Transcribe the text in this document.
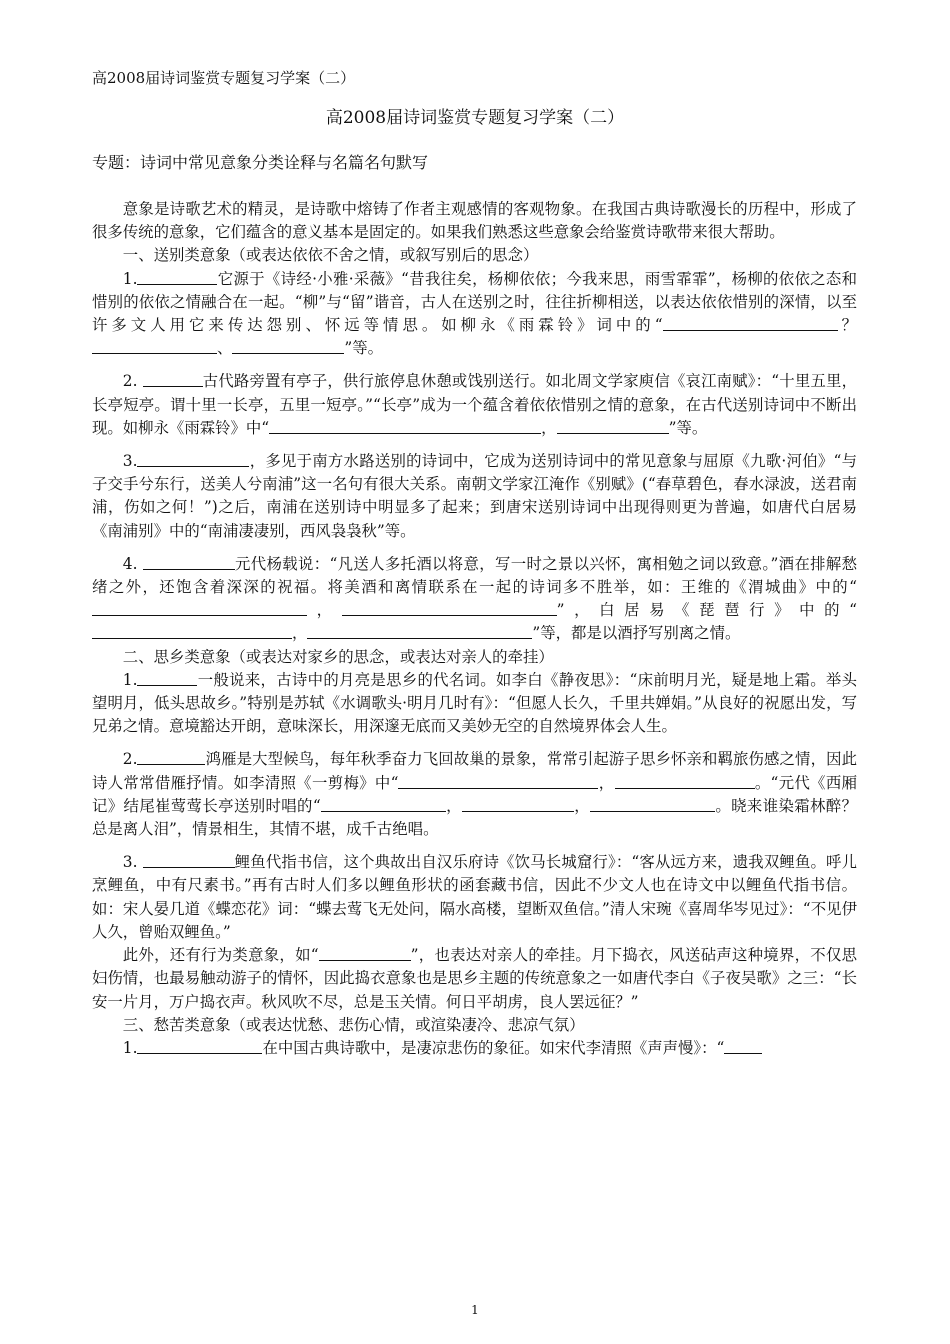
高2008届诗词鉴赏专题复习学案（二）
高2008届诗词鉴赏专题复习学案（二）
专题：诗词中常见意象分类诠释与名篇名句默写

意象是诗歌艺术的精灵，是诗歌中熔铸了作者主观感情的客观物象。在我国古典诗歌漫长的历程中，形成了很多传统的意象，它们蕴含的意义基本是固定的。如果我们熟悉这些意象会给鉴赏诗歌带来很大帮助。

一、送别类意象（或表达依依不舍之情，或叙写别后的思念）

1.	它源于《诗经·小雅·采薇》“昔我往矣，杨柳依依；今我来思，雨雪霏霏”，杨柳的依依之态和惜别的依依之情融合在一起。“柳”与“留”谐音，古人在送别之时，往往折柳相送，以表达依依惜别的深情，以至许多文人用它来传达怨别、怀远等情思。如柳永《雨霖铃》词中的“	？、	”等。

2.	古代路旁置有亭子，供行旅停息休憩或饯别送行。如北周文学家庾信《哀江南赋》：“十里五里，长亭短亭。谓十里一长亭，五里一短亭。”“长亭”成为一个蕴含着依依惜别之情的意象，在古代送别诗词中不断出现。如柳永《雨霖铃》中“	，	”等。

3.	，多见于南方水路送别的诗词中，它成为送别诗词中的常见意象与屈原《九歌·河伯》“与子交手兮东行，送美人兮南浦”这一名句有很大关系。南朝文学家江淹作《别赋》(“春草碧色，春水渌波，送君南浦，伤如之何！”)之后，南浦在送别诗中明显多了起来；到唐宋送别诗词中出现得则更为普遍，如唐代白居易《南浦别》中的“南浦凄凄别，西风袅袅秋”等。

4.	元代杨载说：“凡送人多托酒以将意，写一时之景以兴怀，寓相勉之词以致意。”酒在排解愁绪之外，还饱含着深深的祝福。将美酒和离情联系在一起的诗词多不胜举，如：王维的《渭城曲》中的“，	”，白居易《琵琶行》中的“，	”等，都是以酒抒写别离之情。

二、思乡类意象（或表达对家乡的思念，或表达对亲人的牵挂）

1.	一般说来，古诗中的月亮是思乡的代名词。如李白《静夜思》：“床前明月光，疑是地上霜。举头望明月，低头思故乡。”特别是苏轼《水调歌头·明月几时有》：“但愿人长久，千里共婵娟。”从良好的祝愿出发，写兄弟之情。意境豁达开朗，意味深长，用深邃无底而又美妙无空的自然境界体会人生。

2.	鸿雁是大型候鸟，每年秋季奋力飞回故巢的景象，常常引起游子思乡怀亲和羁旅伤感之情，因此诗人常常借雁抒情。如李清照《一剪梅》中“	，	。“元代《西厢记》结尾崔莺莺长亭送别时唱的“	，	，	。晓来谁染霜林醉？总是离人泪”，情景相生，其情不堪，成千古绝唱。

3.	鲤鱼代指书信，这个典故出自汉乐府诗《饮马长城窟行》：“客从远方来，遗我双鲤鱼。呼儿烹鲤鱼，中有尺素书。”再有古时人们多以鲤鱼形状的函套藏书信，因此不少文人也在诗文中以鲤鱼代指书信。如：宋人晏几道《蝶恋花》词：“蝶去莺飞无处问，隔水高楼，望断双鱼信。”清人宋琬《喜周华岑见过》：“不见伊人久，曾贻双鲤鱼。”

此外，还有行为类意象，如“	”，也表达对亲人的牵挂。月下捣衣，风送砧声这种境界，不仅思妇伤情，也最易触动游子的情怀，因此捣衣意象也是思乡主题的传统意象之一如唐代李白《子夜吴歌》之三：“长安一片月，万户捣衣声。秋风吹不尽，总是玉关情。何日平胡虏，良人罢远征？”

三、愁苦类意象（或表达忧愁、悲伤心情，或渲染凄冷、悲凉气氛）

1.	在中国古典诗歌中，是凄凉悲伤的象征。如宋代李清照《声声慢》：“

1
